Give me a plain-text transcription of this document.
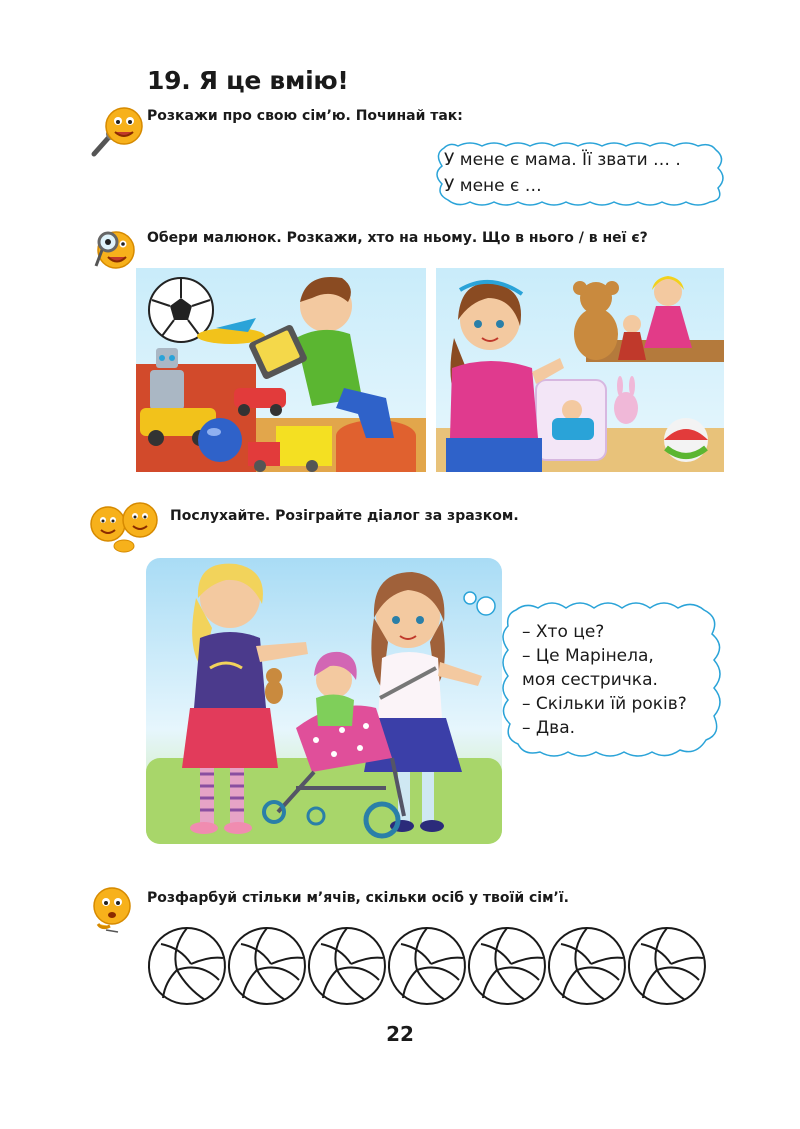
19. Я це вмію!
Розкажи про свою сім’ю. Починай так:
У мене є мама. Її звати … .
У мене є …
Обери малюнок. Розкажи, хто на ньому. Що в нього / в неї є?
Послухайте. Розіграйте діалог за зразком.
– Хто це?
– Це Марінела,
моя сестричка.
– Скільки їй років?
– Два.
Розфарбуй стільки м’ячів, скільки осіб у твоїй сім’ї.
22
